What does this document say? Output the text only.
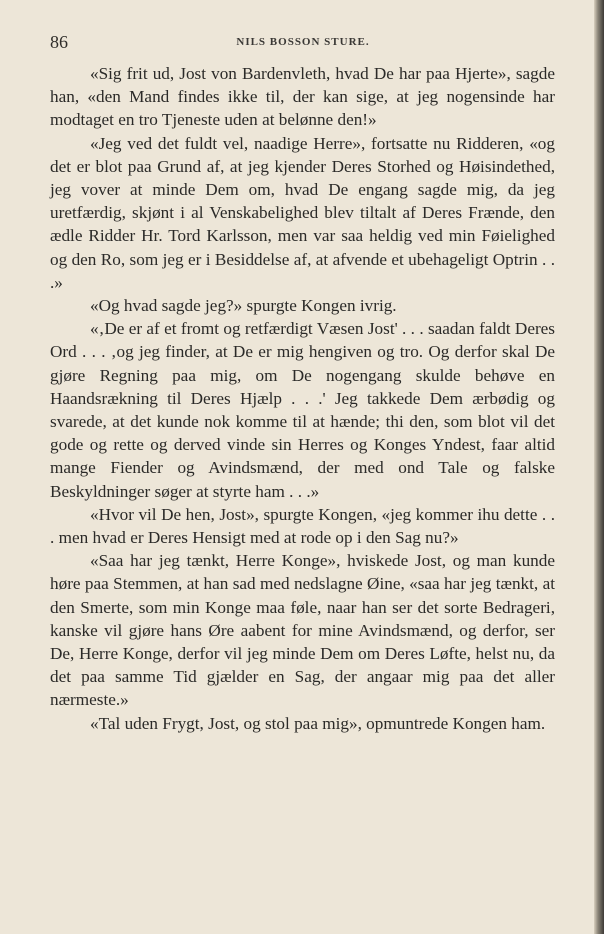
86	NILS BOSSON STURE.

«Sig frit ud, Jost von Bardenvleth, hvad De har paa Hjerte», sagde han, «den Mand findes ikke til, der kan sige, at jeg nogensinde har modtaget en tro Tjeneste uden at belønne den!»

«Jeg ved det fuldt vel, naadige Herre», fortsatte nu Ridderen, «og det er blot paa Grund af, at jeg kjender Deres Storhed og Høisindethed, jeg vover at minde Dem om, hvad De engang sagde mig, da jeg uretfærdig, skjønt i al Venskabelighed blev tiltalt af Deres Frænde, den ædle Ridder Hr. Tord Karlsson, men var saa heldig ved min Føielighed og den Ro, som jeg er i Besiddelse af, at afvende et ubehageligt Optrin . . .»

«Og hvad sagde jeg?» spurgte Kongen ivrig.

«‚De er af et fromt og retfærdigt Væsen Jost' . . . saadan faldt Deres Ord . . . ‚og jeg finder, at De er mig hengiven og tro. Og derfor skal De gjøre Regning paa mig, om De nogengang skulde behøve en Haandsrækning til Deres Hjælp . . .' Jeg takkede Dem ærbødig og svarede, at det kunde nok komme til at hænde; thi den, som blot vil det gode og rette og derved vinde sin Herres og Konges Yndest, faar altid mange Fiender og Avindsmænd, der med ond Tale og falske Beskyldninger søger at styrte ham . . .»

«Hvor vil De hen, Jost», spurgte Kongen, «jeg kommer ihu dette . . . men hvad er Deres Hensigt med at rode op i den Sag nu?»

«Saa har jeg tænkt, Herre Konge», hviskede Jost, og man kunde høre paa Stemmen, at han sad med nedslagne Øine, «saa har jeg tænkt, at den Smerte, som min Konge maa føle, naar han ser det sorte Bedrageri, kanske vil gjøre hans Øre aabent for mine Avindsmænd, og derfor, ser De, Herre Konge, derfor vil jeg minde Dem om Deres Løfte, helst nu, da det paa samme Tid gjælder en Sag, der angaar mig paa det aller nærmeste.»

«Tal uden Frygt, Jost, og stol paa mig», opmuntrede Kongen ham.
